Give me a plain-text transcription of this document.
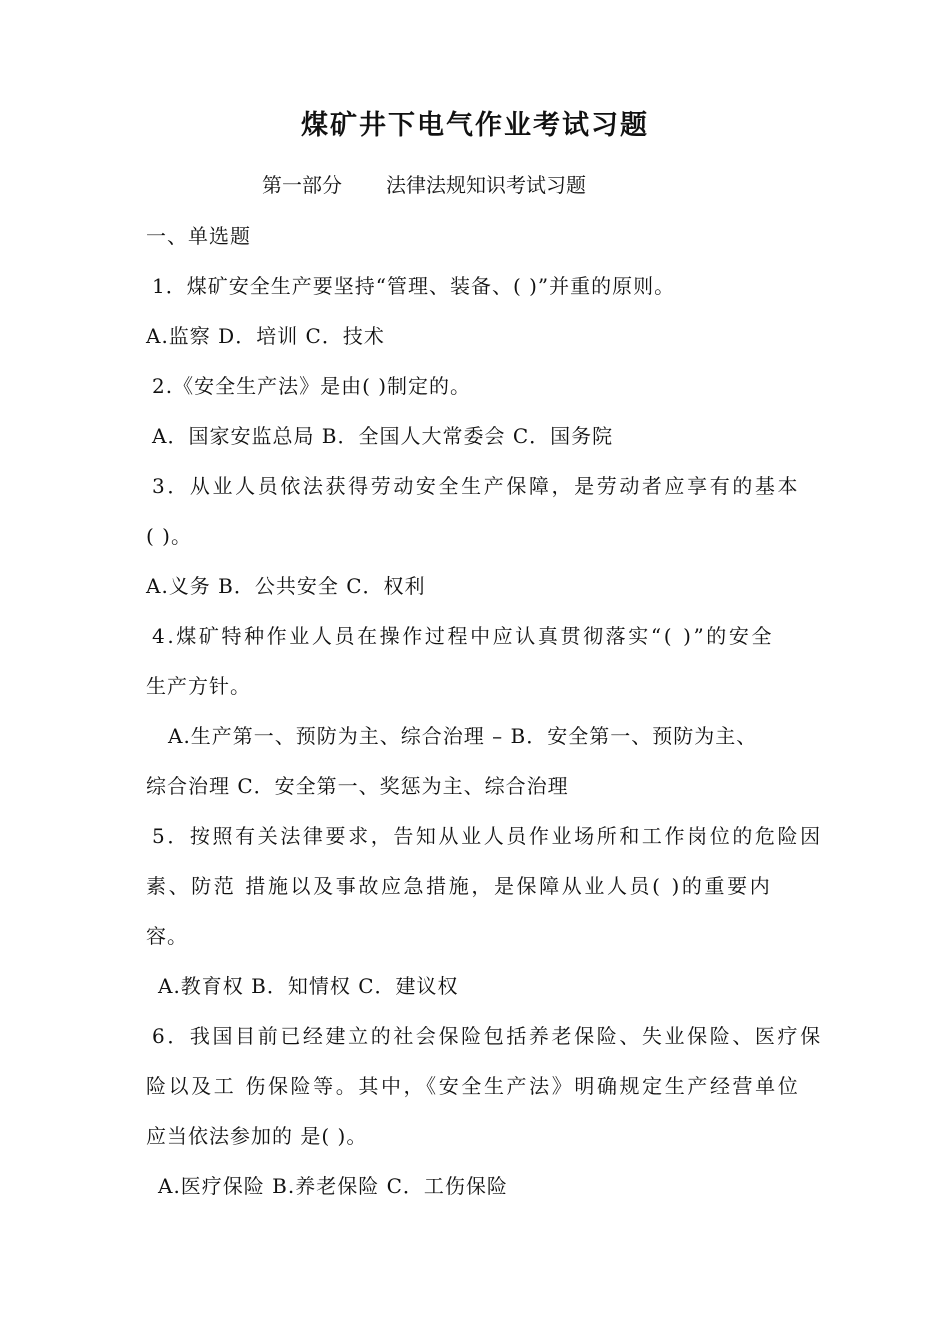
煤矿井下电气作业考试习题
第一部分 法律法规知识考试习题
一、单选题
1．煤矿安全生产要坚持“管理、装备、( )”并重的原则。
A.监察 D．培训 C．技术
2.《安全生产法》是由( )制定的。
A．国家安监总局 B．全国人大常委会 C．国务院
3．从业人员依法获得劳动安全生产保障，是劳动者应享有的基本
( )。
A.义务 B．公共安全 C．权利
4.煤矿特种作业人员在操作过程中应认真贯彻落实“( )”的安全
生产方针。
A.生产第一、预防为主、综合治理 – B．安全第一、预防为主、
综合治理 C．安全第一、奖惩为主、综合治理
5．按照有关法律要求，告知从业人员作业场所和工作岗位的危险因
素、防范 措施以及事故应急措施，是保障从业人员( )的重要内
容。
A.教育权 B．知情权 C．建议权
6．我国目前已经建立的社会保险包括养老保险、失业保险、医疗保
险以及工 伤保险等。其中，《安全生产法》明确规定生产经营单位
应当依法参加的 是( )。
A.医疗保险 B.养老保险 C．工伤保险
